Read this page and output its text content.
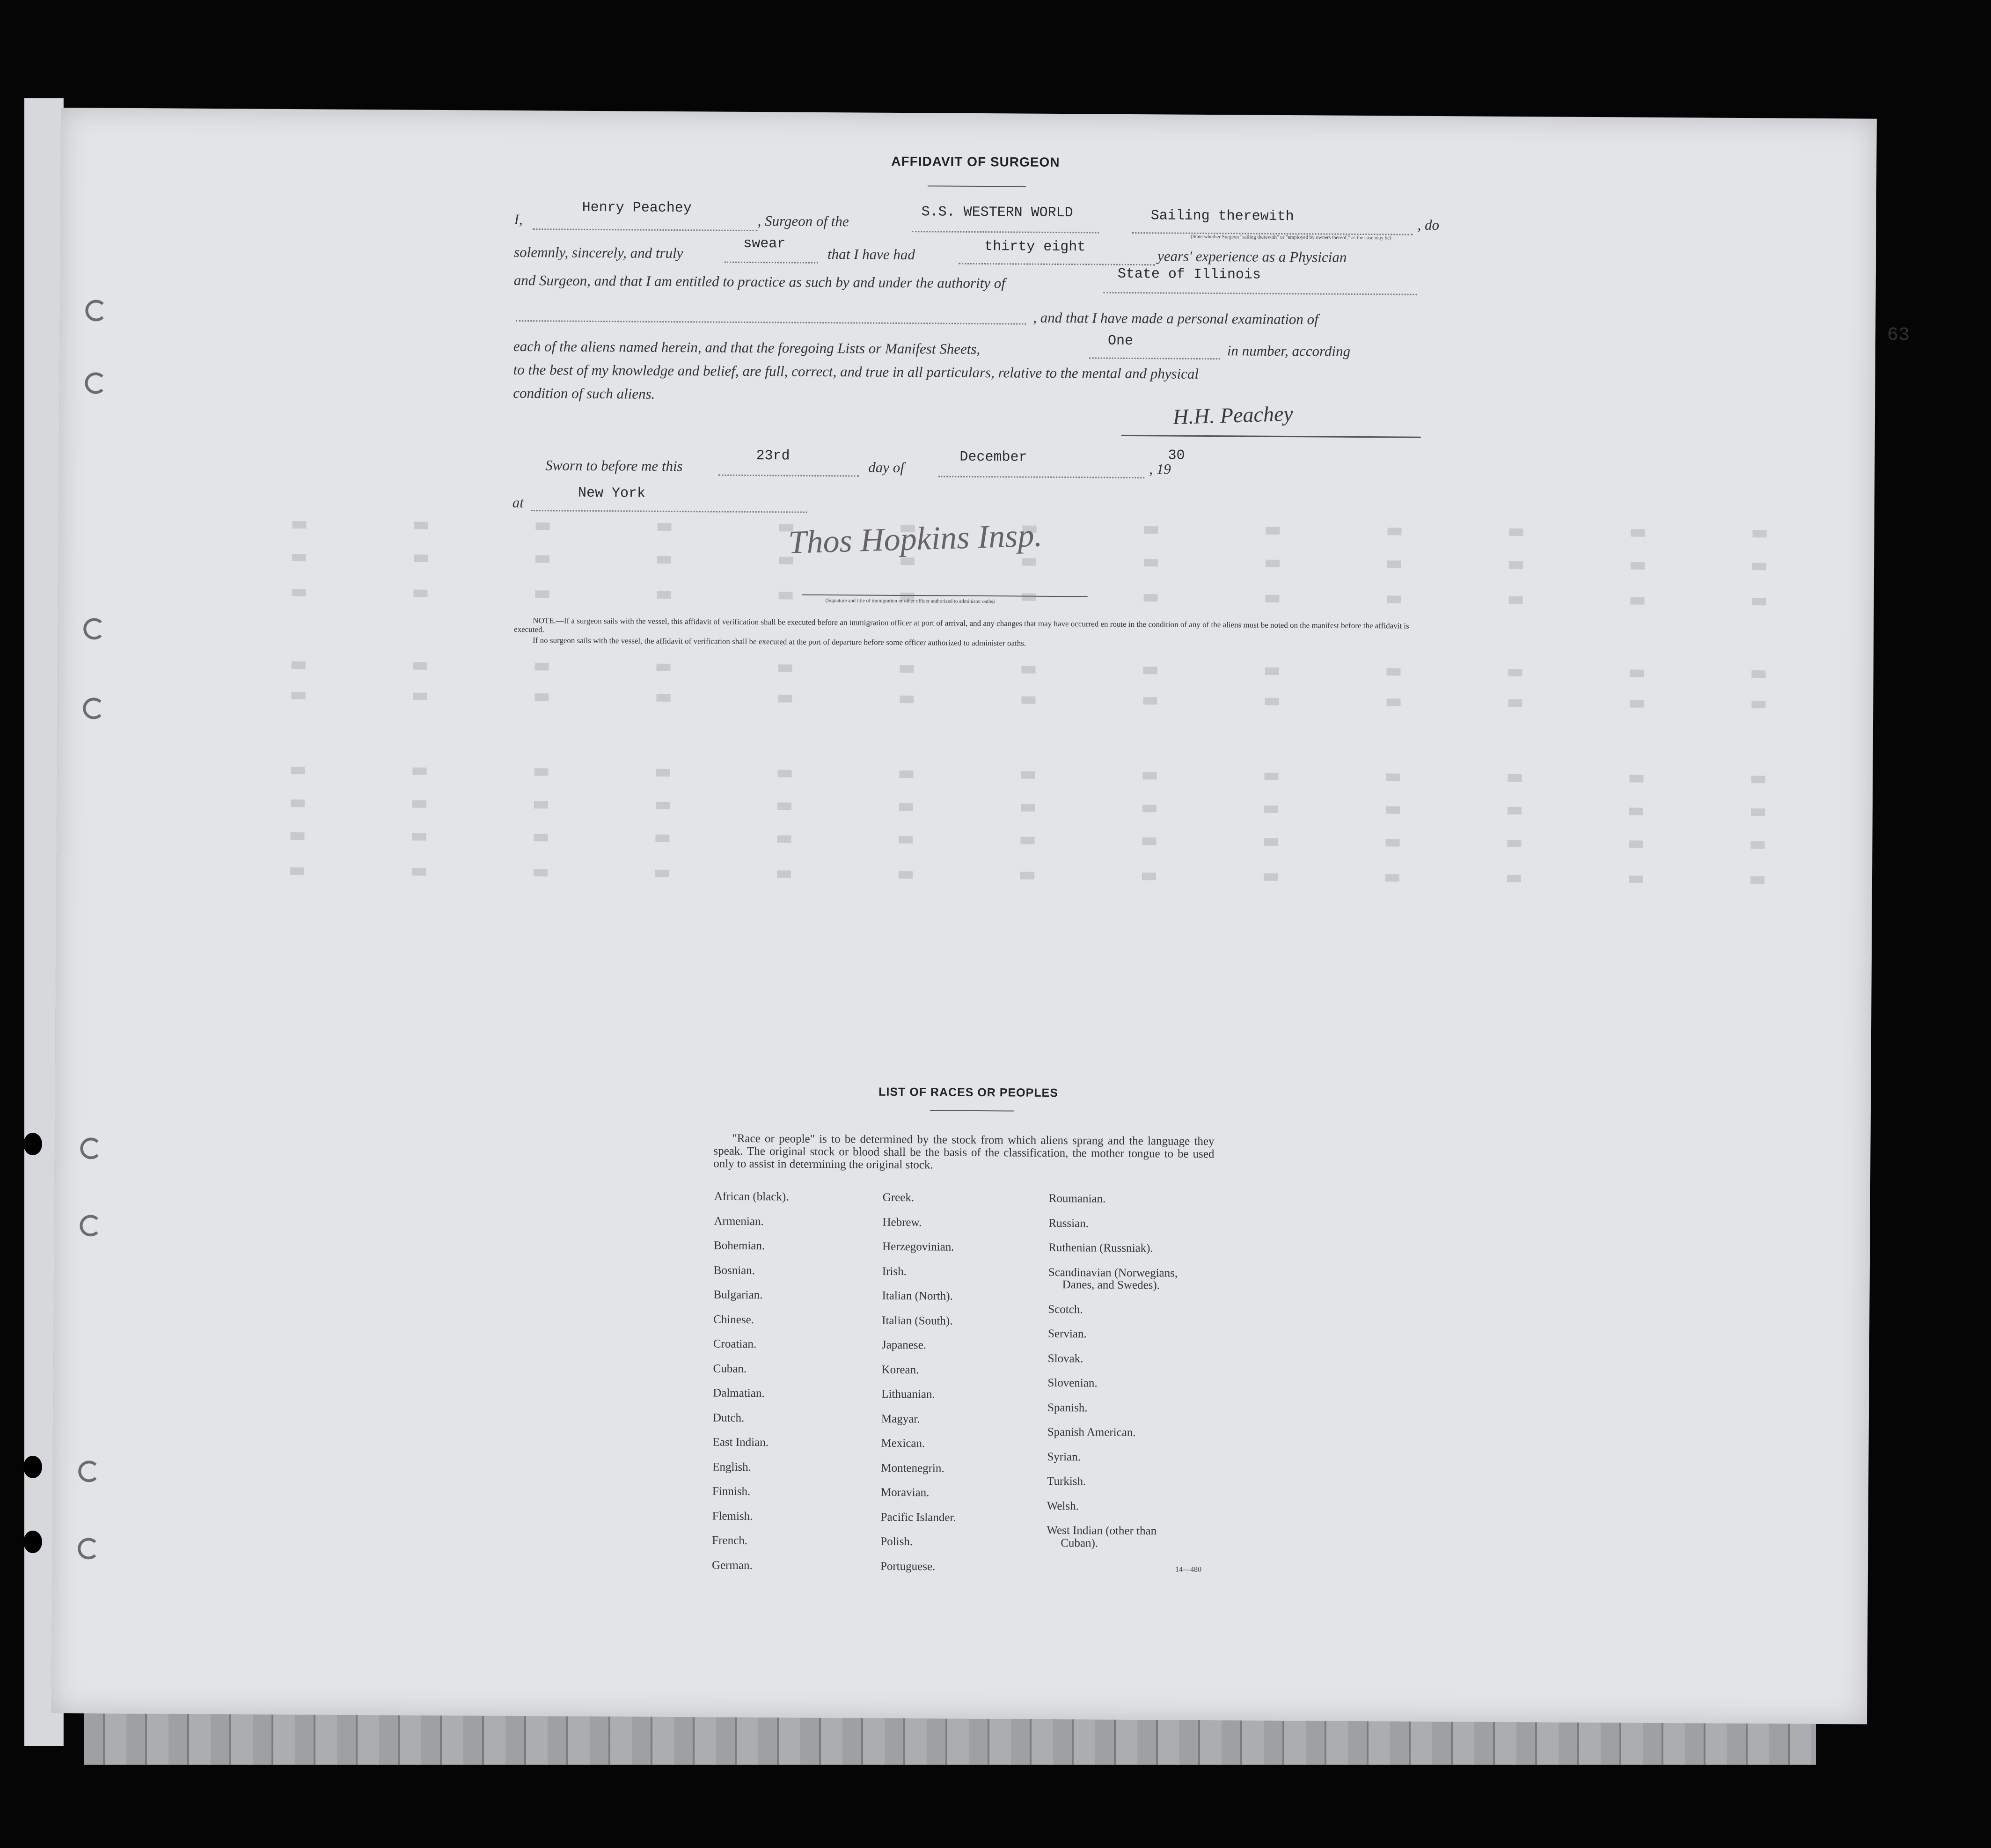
63
AFFIDAVIT OF SURGEON
I,
Henry Peachey
, Surgeon of the	S.S. WESTERN WORLD	Sailing therewith
(State whether Surgeon "sailing therewith" or "employed by owners thereof," as the case may be)
, do
solemnly, sincerely, and truly	swear
that I have had	thirty eight
years' experience as a Physician
and Surgeon, and that I am entitled to practice as such by and under the authority of	State of Illinois
, and that I have made a personal examination of
each of the aliens named herein, and that the foregoing Lists or Manifest Sheets,	One
in number, according
to the best of my knowledge and belief, are full, correct, and true in all particulars, relative to the mental and physical
condition of such aliens.
H.H. Peachey
Sworn to before me this
23rd
day of
December
, 19
30
at
New York
Thos Hopkins Insp.
(Signature and title of immigration or other officer authorized to administer oaths)
NOTE.—If a surgeon sails with the vessel, this affidavit of verification shall be executed before an immigration officer at port of arrival, and any changes that may have occurred en route in the condition of any of the aliens must be noted on the manifest before the affidavit is executed.
If no surgeon sails with the vessel, the affidavit of verification shall be executed at the port of departure before some officer authorized to administer oaths.
LIST OF RACES OR PEOPLES
"Race or people" is to be determined by the stock from which aliens sprang and the language they speak. The original stock or blood shall be the basis of the classification, the mother tongue to be used only to assist in determining the original stock.
African (black).
Armenian.
Bohemian.
Bosnian.
Bulgarian.
Chinese.
Croatian.
Cuban.
Dalmatian.
Dutch.
East Indian.
English.
Finnish.
Flemish.
French.
German.
Greek.
Hebrew.
Herzegovinian.
Irish.
Italian (North).
Italian (South).
Japanese.
Korean.
Lithuanian.
Magyar.
Mexican.
Montenegrin.
Moravian.
Pacific Islander.
Polish.
Portuguese.
Roumanian.
Russian.
Ruthenian (Russniak).
Scandinavian (Norwegians,
Danes, and Swedes).
Scotch.
Servian.
Slovak.
Slovenian.
Spanish.
Spanish American.
Syrian.
Turkish.
Welsh.
West Indian (other than
Cuban).
14—480
